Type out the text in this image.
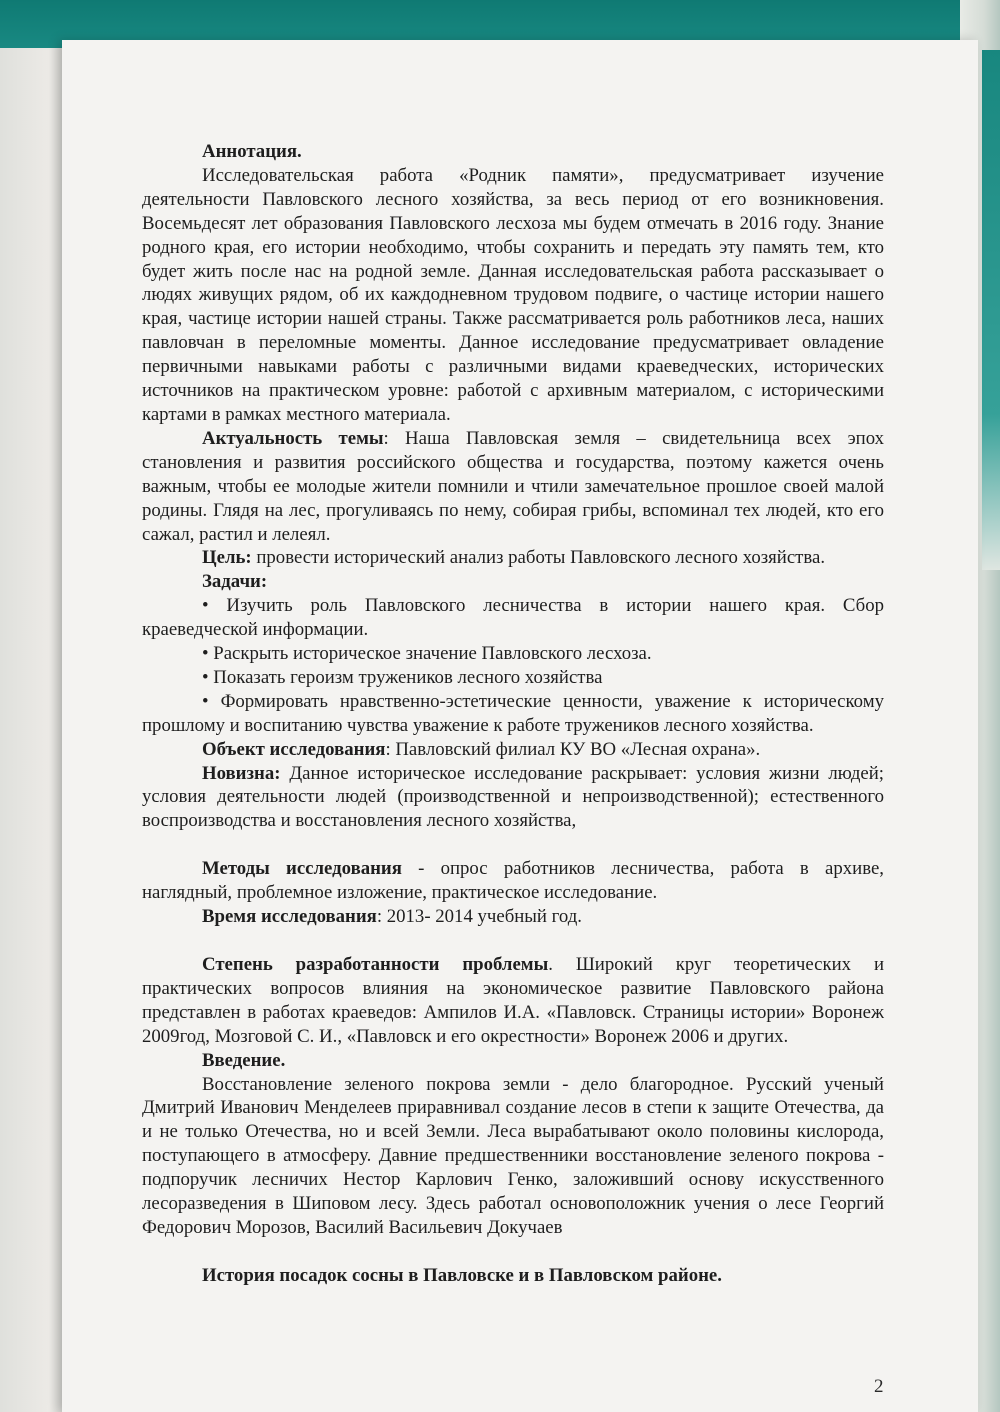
Аннотация.

Исследовательская работа «Родник памяти», предусматривает изучение деятельности Павловского лесного хозяйства, за весь период от его возникновения. Восемьдесят лет образования Павловского лесхоза мы будем отмечать в 2016 году. Знание родного края, его истории необходимо, чтобы сохранить и передать эту память тем, кто будет жить после нас на родной земле. Данная исследовательская работа рассказывает о людях живущих рядом, об их каждодневном трудовом подвиге, о частице истории нашего края, частице истории нашей страны. Также рассматривается роль работников леса, наших павловчан в переломные моменты. Данное исследование предусматривает овладение первичными навыками работы с различными видами краеведческих, исторических источников на практическом уровне: работой с архивным материалом, с историческими картами в рамках местного материала.

Актуальность темы: Наша Павловская земля – свидетельница всех эпох становления и развития российского общества и государства, поэтому кажется очень важным, чтобы ее молодые жители помнили и чтили замечательное прошлое своей малой родины. Глядя на лес, прогуливаясь по нему, собирая грибы, вспоминал тех людей, кто его сажал, растил и лелеял.

Цель: провести исторический анализ работы Павловского лесного хозяйства.

Задачи:

• Изучить роль Павловского лесничества в истории нашего края. Сбор краеведческой информации.

• Раскрыть историческое значение Павловского лесхоза.

• Показать героизм тружеников лесного хозяйства

• Формировать нравственно-эстетические ценности, уважение к историческому прошлому и воспитанию чувства уважение к работе тружеников лесного хозяйства.

Объект исследования: Павловский филиал КУ ВО «Лесная охрана».

Новизна: Данное историческое исследование раскрывает: условия жизни людей; условия деятельности людей (производственной и непроизводственной); естественного воспроизводства и восстановления лесного хозяйства,

Методы исследования - опрос работников лесничества, работа в архиве, наглядный, проблемное изложение, практическое исследование.

Время исследования: 2013- 2014 учебный год.

Степень разработанности проблемы. Широкий круг теоретических и практических вопросов влияния на экономическое развитие Павловского района представлен в работах краеведов: Ампилов И.А. «Павловск. Страницы истории» Воронеж 2009год, Мозговой С. И., «Павловск и его окрестности» Воронеж 2006 и других.

Введение.

Восстановление зеленого покрова земли - дело благородное. Русский ученый Дмитрий Иванович Менделеев приравнивал создание лесов в степи к защите Отечества, да и не только Отечества, но и всей Земли. Леса вырабатывают около половины кислорода, поступающего в атмосферу. Давние предшественники восстановление зеленого покрова - подпоручик лесничих Нестор Карлович Генко, заложивший основу искусственного лесоразведения в Шиповом лесу. Здесь работал основоположник учения о лесе Георгий Федорович Морозов, Василий Васильевич Докучаев

История посадок сосны в Павловске и в Павловском районе.

2
